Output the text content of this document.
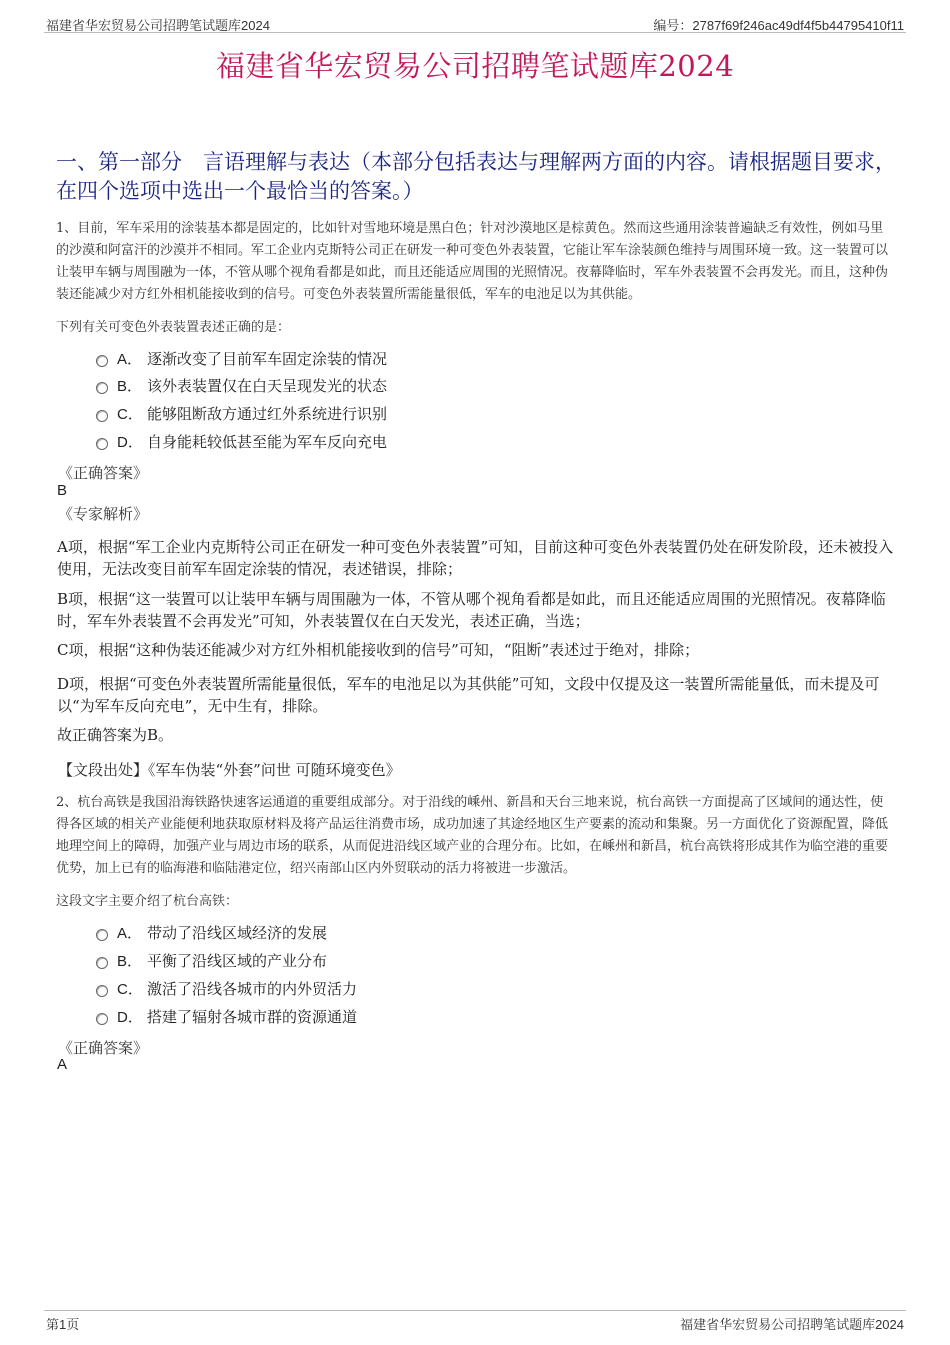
福建省华宏贸易公司招聘笔试题库2024	编号：2787f69f246ac49df4f5b44795410f11
福建省华宏贸易公司招聘笔试题库2024
一、第一部分　言语理解与表达（本部分包括表达与理解两方面的内容。请根据题目要求，在四个选项中选出一个最恰当的答案。）
1、目前，军车采用的涂装基本都是固定的，比如针对雪地环境是黑白色；针对沙漠地区是棕黄色。然而这些通用涂装普遍缺乏有效性，例如马里的沙漠和阿富汗的沙漠并不相同。军工企业内克斯特公司正在研发一种可变色外表装置，它能让军车涂装颜色维持与周围环境一致。这一装置可以让装甲车辆与周围融为一体，不管从哪个视角看都是如此，而且还能适应周围的光照情况。夜幕降临时，军车外表装置不会再发光。而且，这种伪装还能减少对方红外相机能接收到的信号。可变色外表装置所需能量很低，军车的电池足以为其供能。
下列有关可变色外表装置表述正确的是：
A． 逐渐改变了目前军车固定涂装的情况
B． 该外表装置仅在白天呈现发光的状态
C． 能够阻断敌方通过红外系统进行识别
D． 自身能耗较低甚至能为军车反向充电
《正确答案》
B
《专家解析》
A项，根据“军工企业内克斯特公司正在研发一种可变色外表装置”可知，目前这种可变色外表装置仍处在研发阶段，还未被投入使用，无法改变目前军车固定涂装的情况，表述错误，排除；
B项，根据“这一装置可以让装甲车辆与周围融为一体，不管从哪个视角看都是如此，而且还能适应周围的光照情况。夜幕降临时，军车外表装置不会再发光”可知，外表装置仅在白天发光，表述正确，当选；
C项，根据“这种伪装还能减少对方红外相机能接收到的信号”可知，“阻断”表述过于绝对，排除；
D项，根据“可变色外表装置所需能量很低，军车的电池足以为其供能”可知，文段中仅提及这一装置所需能量低，而未提及可以“为军车反向充电”，无中生有，排除。
故正确答案为B。
【文段出处】《军车伪装“外套”问世 可随环境变色》
2、杭台高铁是我国沿海铁路快速客运通道的重要组成部分。对于沿线的嵊州、新昌和天台三地来说，杭台高铁一方面提高了区域间的通达性，使得各区域的相关产业能便利地获取原材料及将产品运往消费市场，成功加速了其途经地区生产要素的流动和集聚。另一方面优化了资源配置，降低地理空间上的障碍，加强产业与周边市场的联系，从而促进沿线区域产业的合理分布。比如，在嵊州和新昌，杭台高铁将形成其作为临空港的重要优势，加上已有的临海港和临陆港定位，绍兴南部山区内外贸联动的活力将被进一步激活。
这段文字主要介绍了杭台高铁：
A． 带动了沿线区域经济的发展
B． 平衡了沿线区域的产业分布
C． 激活了沿线各城市的内外贸活力
D． 搭建了辐射各城市群的资源通道
《正确答案》
A
第1页	福建省华宏贸易公司招聘笔试题库2024
